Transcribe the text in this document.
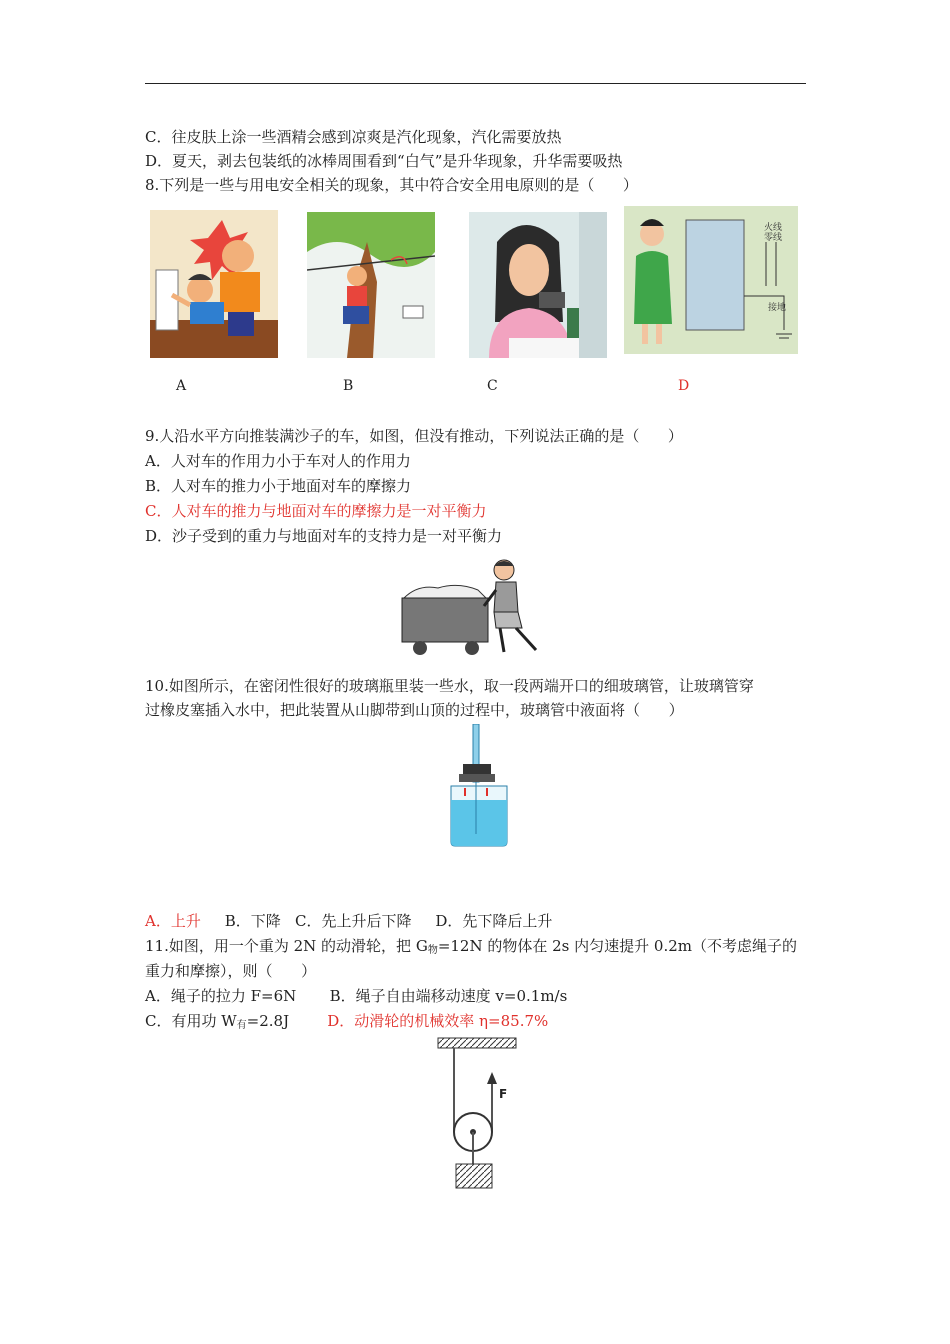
C．往皮肤上涂一些酒精会感到凉爽是汽化现象，汽化需要放热
D．夏天，剥去包装纸的冰棒周围看到“白气”是升华现象，升华需要吸热
8.下列是一些与用电安全相关的现象，其中符合安全用电原则的是（      ）
火线
零线
接地
A	B	C	D
9.人沿水平方向推装满沙子的车，如图，但没有推动，下列说法正确的是（      ）
A．人对车的作用力小于车对人的作用力
B．人对车的推力小于地面对车的摩擦力
C．人对车的推力与地面对车的摩擦力是一对平衡力
D．沙子受到的重力与地面对车的支持力是一对平衡力
10.如图所示，在密闭性很好的玻璃瓶里装一些水，取一段两端开口的细玻璃管，让玻璃管穿
过橡皮塞插入水中，把此装置从山脚带到山顶的过程中，玻璃管中液面将（      ）
A．上升 B．下降 C．先上升后下降 D．先下降后上升
11.如图，用一个重为 2N 的动滑轮，把 $G_物=12N$ 的物体在 2s 内匀速提升 0.2m（不考虑绳子的
重力和摩擦），则（      ）
A．绳子的拉力 F=6N B．绳子自由端移动速度 v=0.1m/s
C．有用功 $W_有=2.8J$	D．动滑轮的机械效率 η=85.7%
F
